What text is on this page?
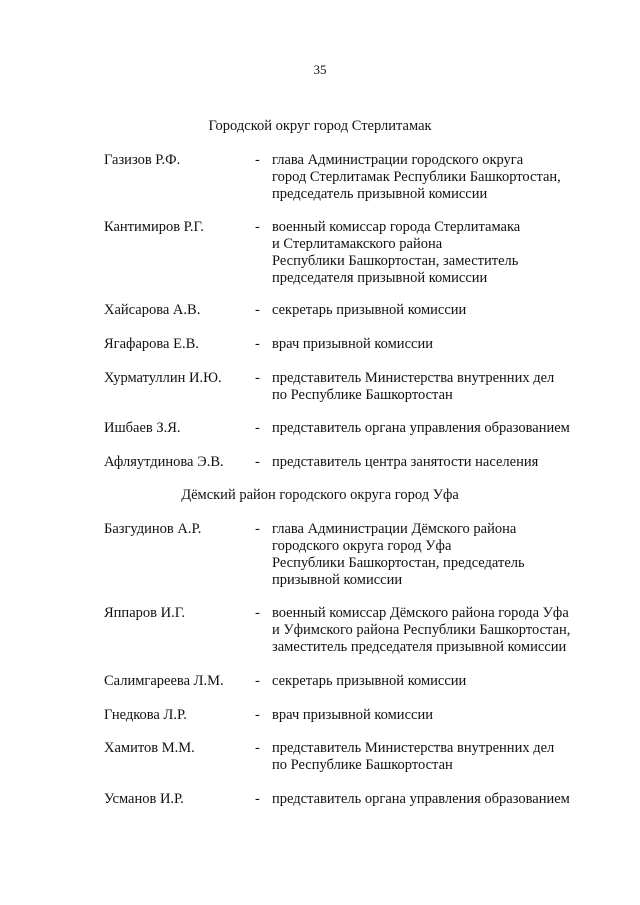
35
Городской округ город Стерлитамак
Газизов Р.Ф.	- глава Администрации городского округа
город Стерлитамак Республики Башкортостан,
председатель призывной комиссии
Кантимиров Р.Г.	- военный комиссар города Стерлитамака
и Стерлитамакского района
Республики Башкортостан, заместитель
председателя призывной комиссии
Хайсарова А.В.	- секретарь призывной комиссии
Ягафарова Е.В.	- врач призывной комиссии
Хурматуллин И.Ю. - представитель Министерства внутренних дел
по Республике Башкортостан
Ишбаев З.Я.	- представитель органа управления образованием
Афляутдинова Э.В. - представитель центра занятости населения
Дёмский район городского округа город Уфа
Базгудинов А.Р.	- глава Администрации Дёмского района
городского округа город Уфа
Республики Башкортостан, председатель
призывной комиссии
Яппаров И.Г.	- военный комиссар Дёмского района города Уфа
и Уфимского района Республики Башкортостан,
заместитель председателя призывной комиссии
Салимгареева Л.М. - секретарь призывной комиссии
Гнедкова Л.Р.	- врач призывной комиссии
Хамитов М.М.	- представитель Министерства внутренних дел
по Республике Башкортостан
Усманов И.Р.	- представитель органа управления образованием
